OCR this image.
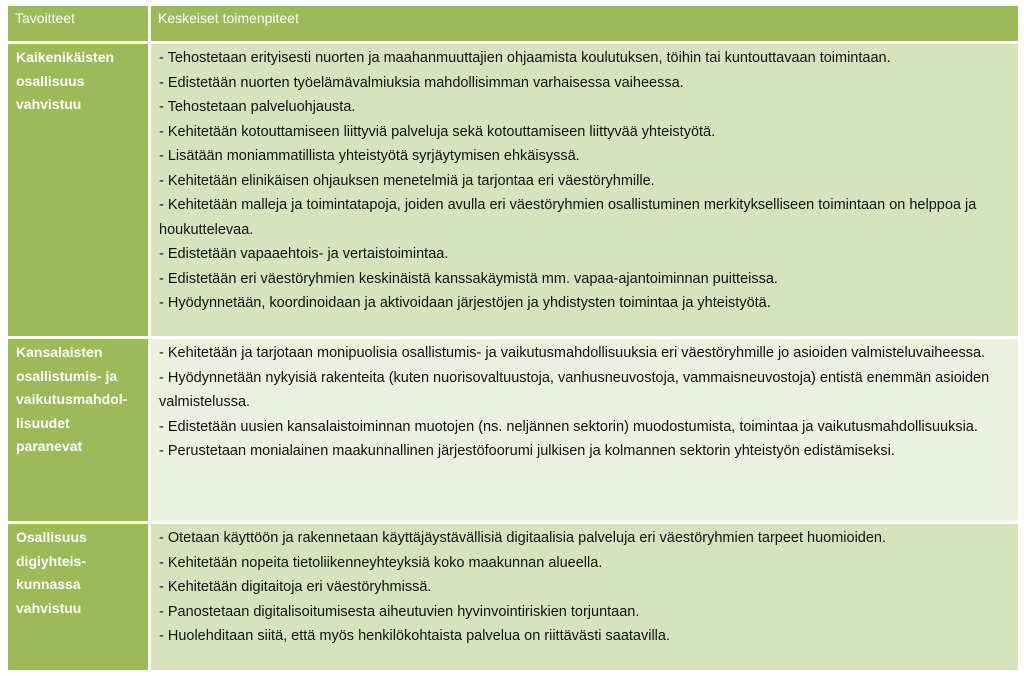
Tavoitteet	Keskeiset toimenpiteet
Kaikenikäisten
osallisuus
vahvistuu
- Tehostetaan erityisesti nuorten ja maahanmuuttajien ohjaamista koulutuksen, töihin tai kuntouttavaan toimintaan.
- Edistetään nuorten työelämävalmiuksia mahdollisimman varhaisessa vaiheessa.
- Tehostetaan palveluohjausta.
- Kehitetään kotouttamiseen liittyviä palveluja sekä kotouttamiseen liittyvää yhteistyötä.
- Lisätään moniammatillista yhteistyötä syrjäytymisen ehkäisyssä.
- Kehitetään elinikäisen ohjauksen menetelmiä ja tarjontaa eri väestöryhmille.
- Kehitetään malleja ja toimintatapoja, joiden avulla eri väestöryhmien osallistuminen merkitykselliseen toimintaan on helppoa ja houkuttelevaa.
- Edistetään vapaaehtois- ja vertaistoimintaa.
- Edistetään eri väestöryhmien keskinäistä kanssakäymistä mm. vapaa-ajantoiminnan puitteissa.
- Hyödynnetään, koordinoidaan ja aktivoidaan järjestöjen ja yhdistysten toimintaa ja yhteistyötä.
Kansalaisten
osallistumis- ja
vaikutusmahdol-
lisuudet
paranevat
- Kehitetään ja tarjotaan monipuolisia osallistumis- ja vaikutusmahdollisuuksia eri väestöryhmille jo asioiden valmisteluvaiheessa.
- Hyödynnetään nykyisiä rakenteita (kuten nuorisovaltuustoja, vanhusneuvostoja, vammaisneuvostoja) entistä enemmän asioiden valmistelussa.
- Edistetään uusien kansalaistoiminnan muotojen (ns. neljännen sektorin) muodostumista, toimintaa ja vaikutusmahdollisuuksia.
- Perustetaan monialainen maakunnallinen järjestöfoorumi julkisen ja kolmannen sektorin yhteistyön edistämiseksi.
Osallisuus
digiyhteis-
kunnassa
vahvistuu
- Otetaan käyttöön ja rakennetaan käyttäjäystävällisiä digitaalisia palveluja eri väestöryhmien tarpeet huomioiden.
- Kehitetään nopeita tietoliikenneyhteyksiä koko maakunnan alueella.
- Kehitetään digitaitoja eri väestöryhmissä.
- Panostetaan digitalisoitumisesta aiheutuvien hyvinvointiriskien torjuntaan.
- Huolehditaan siitä, että myös henkilökohtaista palvelua on riittävästi saatavilla.
